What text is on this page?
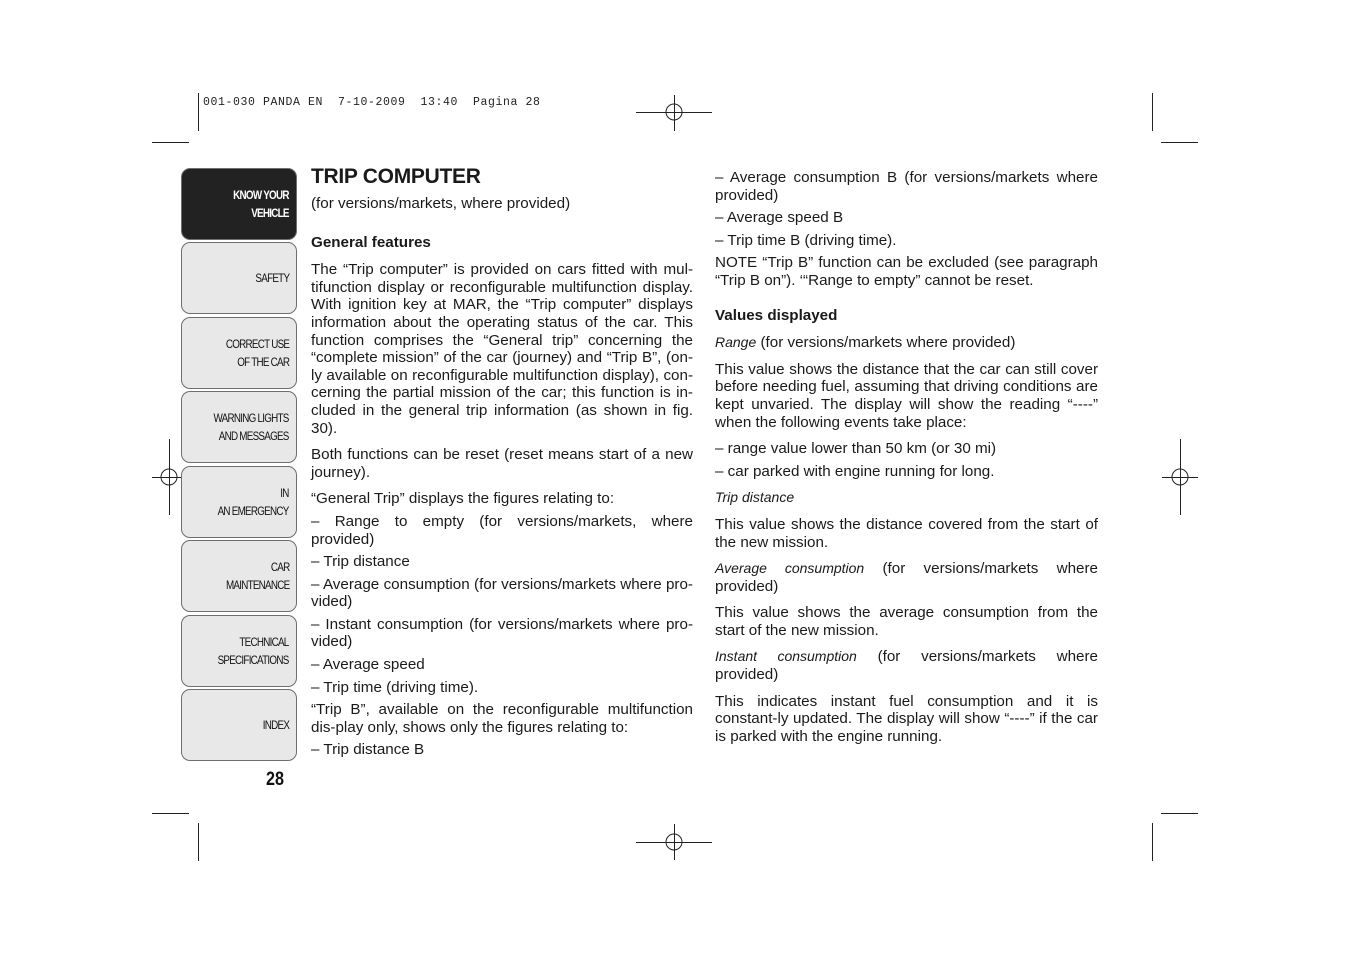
001-030 PANDA EN  7-10-2009  13:40  Pagina 28
KNOW YOUR
VEHICLE
SAFETY
CORRECT USE
OF THE CAR
WARNING LIGHTS
AND MESSAGES
IN
AN EMERGENCY
CAR
MAINTENANCE
TECHNICAL
SPECIFICATIONS
INDEX
28
TRIP COMPUTER
(for versions/markets, where provided)
General features
The “Trip computer” is provided on cars fitted with mul-tifunction display or reconfigurable multifunction display. With ignition key at MAR, the “Trip computer” displays information about the operating status of the car. This function comprises the “General trip” concerning the “complete mission” of the car (journey) and “Trip B”, (on-ly available on reconfigurable multifunction display), con-cerning the partial mission of the car; this function is in-cluded in the general trip information (as shown in fig. 30).
Both functions can be reset (reset means start of a new journey).
“General Trip” displays the figures relating to:
– Range to empty (for versions/markets, where provided)
– Trip distance
– Average consumption (for versions/markets where pro-vided)
– Instant consumption (for versions/markets where pro-vided)
– Average speed
– Trip time (driving time).
“Trip B”, available on the reconfigurable multifunction dis-play only, shows only the figures relating to:
– Trip distance B
– Average consumption B (for versions/markets where provided)
– Average speed B
– Trip time B (driving time).
NOTE “Trip B” function can be excluded (see paragraph “Trip B on”). ‘“Range to empty” cannot be reset.
Values displayed
Range (for versions/markets where provided)
This value shows the distance that the car can still cover before needing fuel, assuming that driving conditions are kept unvaried. The display will show the reading “----” when the following events take place:
– range value lower than 50 km (or 30 mi)
– car parked with engine running for long.
Trip distance
This value shows the distance covered from the start of the new mission.
Average consumption (for versions/markets where provided)
This value shows the average consumption from the start of the new mission.
Instant consumption (for versions/markets where provided)
This indicates instant fuel consumption and it is constant-ly updated. The display will show “----” if the car is parked with the engine running.
